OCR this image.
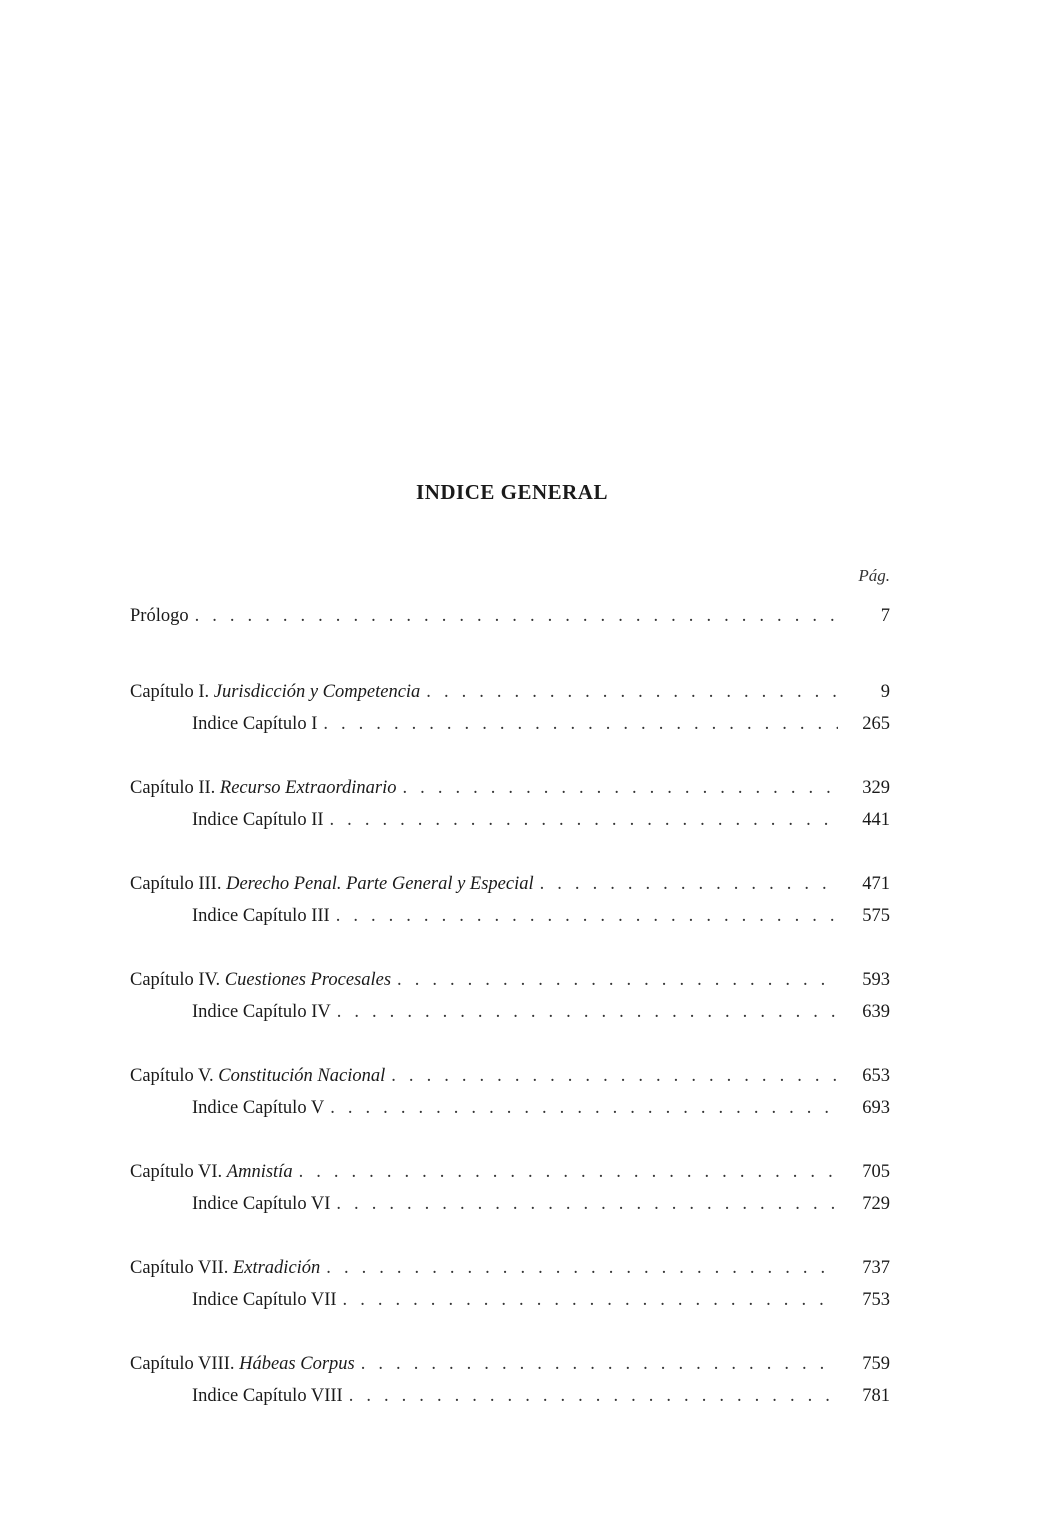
INDICE GENERAL
Pág.
Prólogo . . .	7
Capítulo I. Jurisdicción y Competencia . . .	9
Indice Capítulo I . . .	265
Capítulo II. Recurso Extraordinario . . .	329
Indice Capítulo II . . .	441
Capítulo III. Derecho Penal. Parte General y Especial . . .	471
Indice Capítulo III . . .	575
Capítulo IV. Cuestiones Procesales . . .	593
Indice Capítulo IV . . .	639
Capítulo V. Constitución Nacional . . .	653
Indice Capítulo V . . .	693
Capítulo VI. Amnistía . . .	705
Indice Capítulo VI . . .	729
Capítulo VII. Extradición . . .	737
Indice Capítulo VII . . .	753
Capítulo VIII. Hábeas Corpus . . .	759
Indice Capítulo VIII . . .	781
